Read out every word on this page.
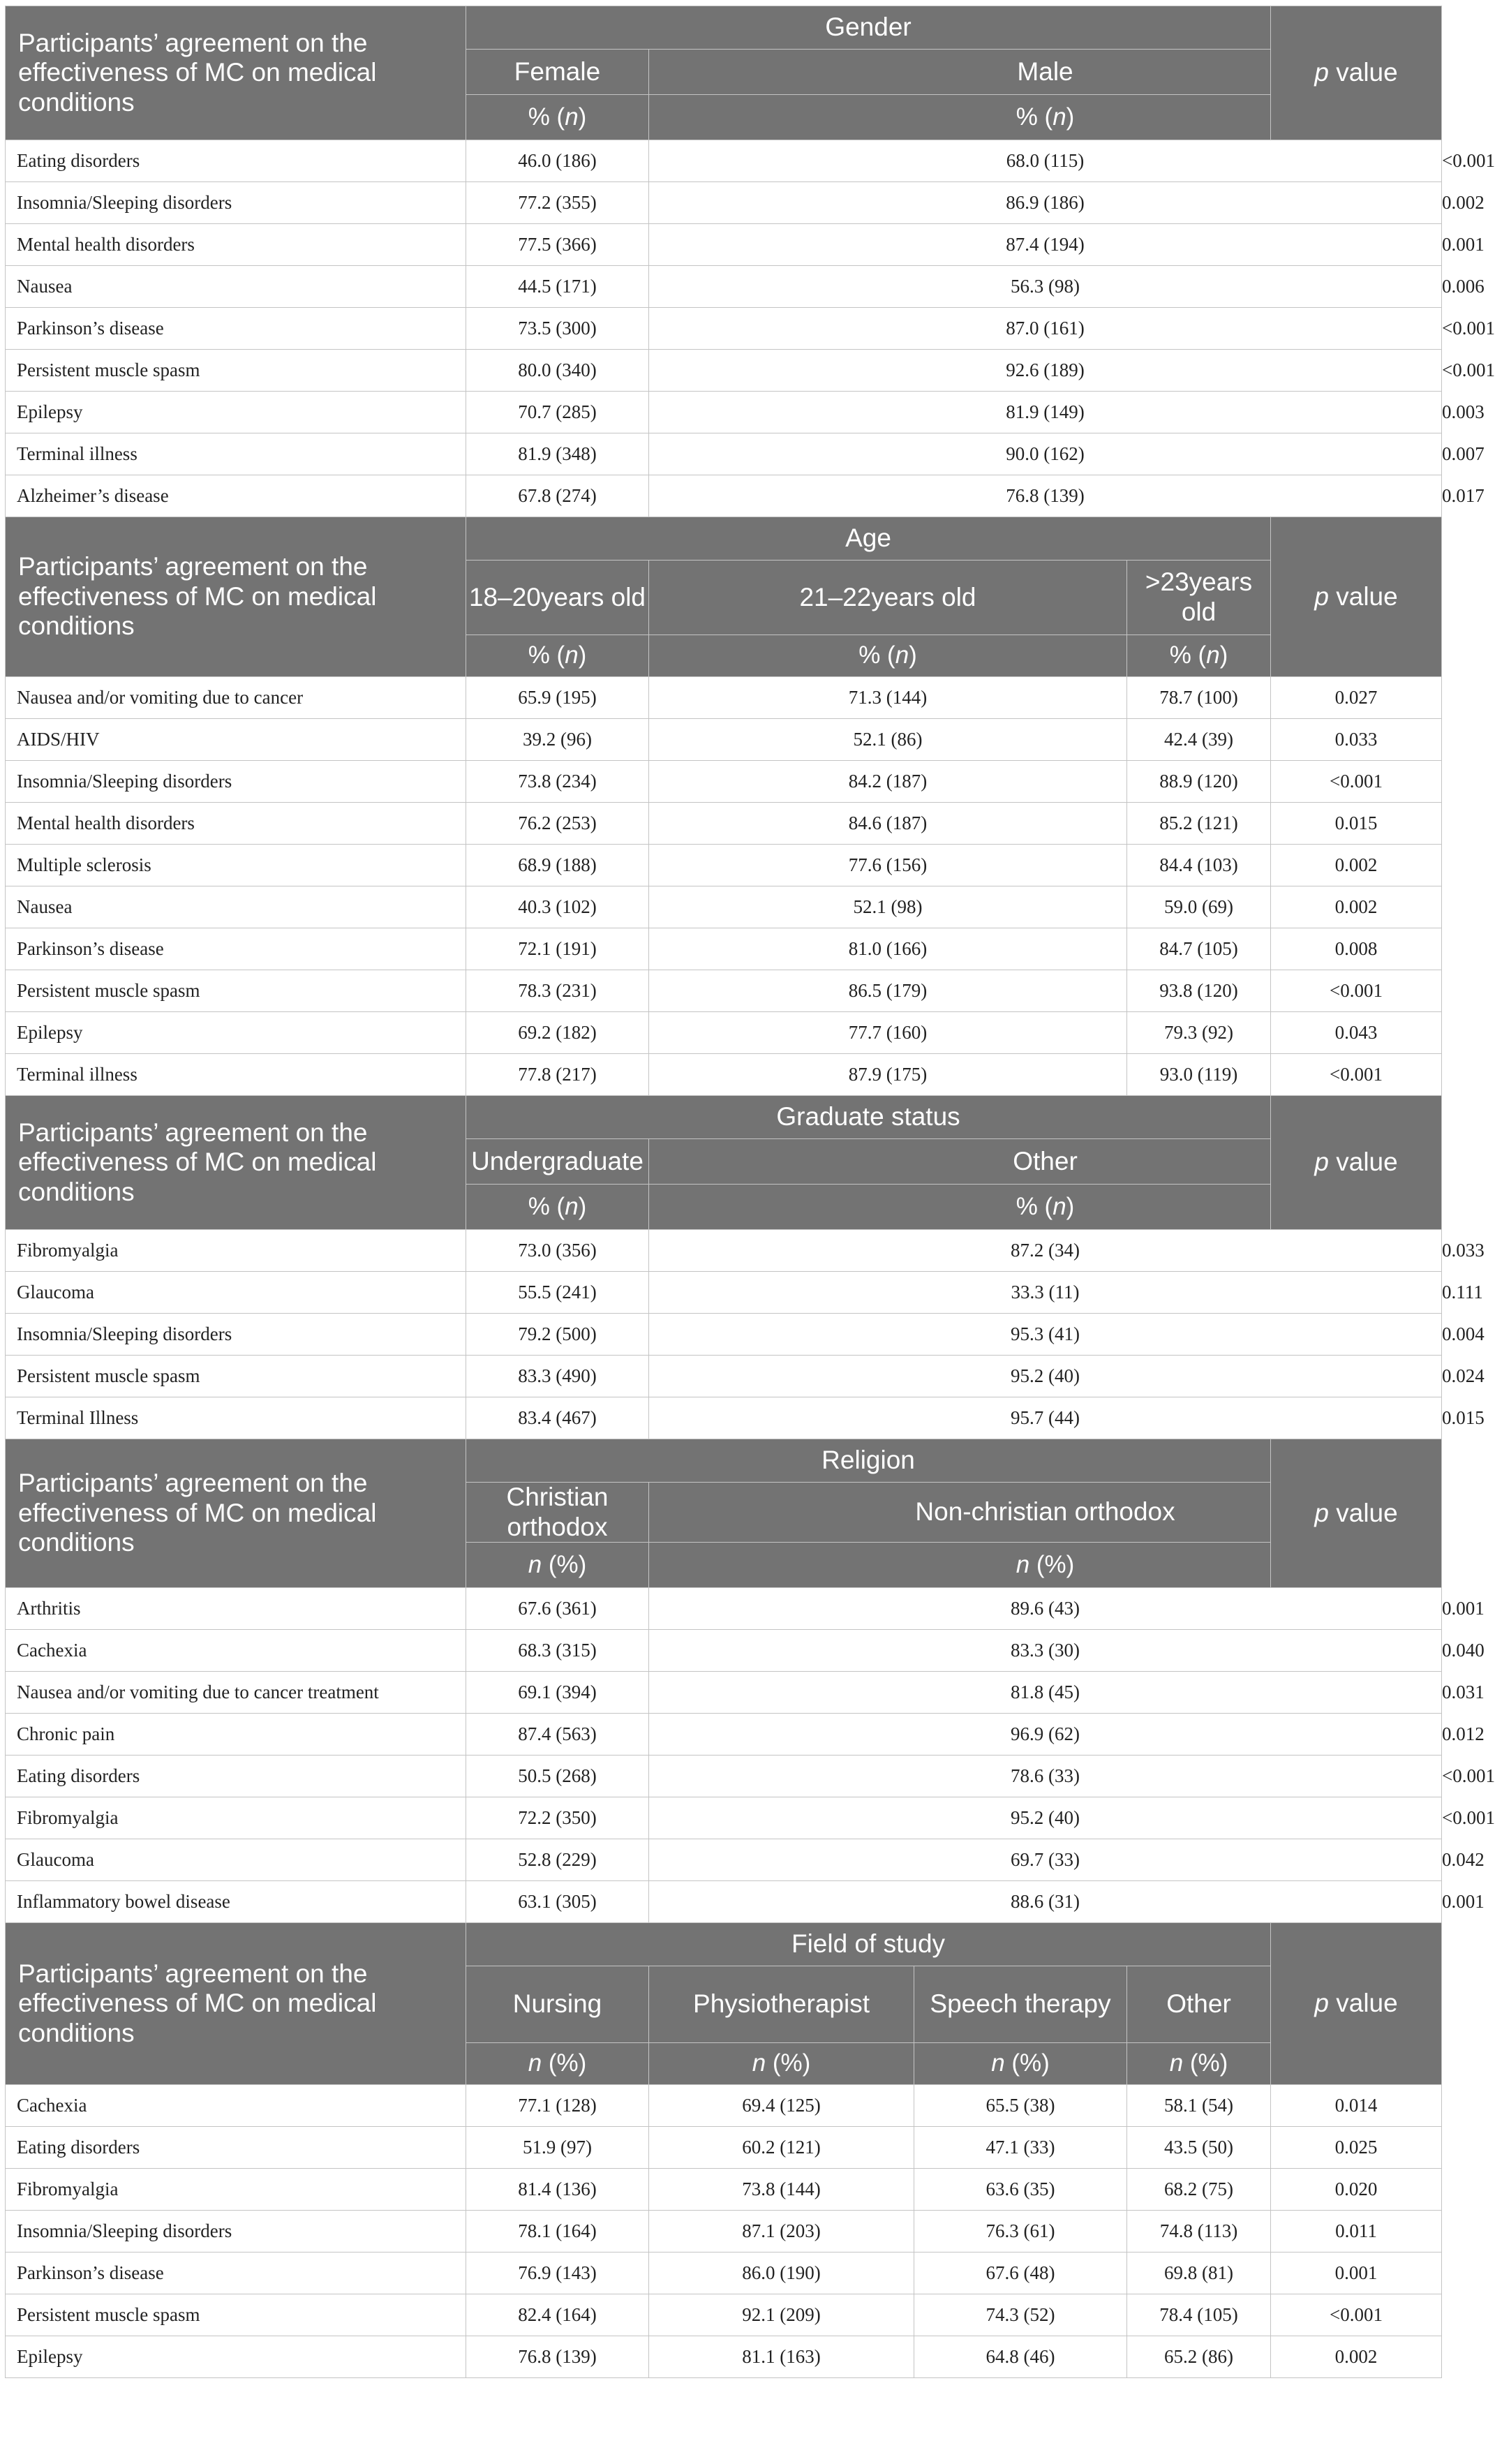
Participants’ agreement on the effectiveness of MC on medical conditions	Gender				p value	
	Female	Male				
	% (n)	% (n)				
Eating disorders	46.0 (186)	68.0 (115)				<0.001
Insomnia/Sleeping disorders	77.2 (355)	86.9 (186)				0.002
Mental health disorders	77.5 (366)	87.4 (194)				0.001
Nausea	44.5 (171)	56.3 (98)				0.006
Parkinson’s disease	73.5 (300)	87.0 (161)				<0.001
Persistent muscle spasm	80.0 (340)	92.6 (189)				<0.001
Epilepsy	70.7 (285)	81.9 (149)				0.003
Terminal illness	81.9 (348)	90.0 (162)				0.007
Alzheimer’s disease	67.8 (274)	76.8 (139)				0.017
Participants’ agreement on the effectiveness of MC on medical conditions	Age				p value	
	18–20years old	21–22years old		>23years old		
	% (n)	% (n)		% (n)		
Nausea and/or vomiting due to cancer	65.9 (195)	71.3 (144)		78.7 (100)	0.027	
AIDS/HIV	39.2 (96)	52.1 (86)		42.4 (39)	0.033	
Insomnia/Sleeping disorders	73.8 (234)	84.2 (187)		88.9 (120)	<0.001	
Mental health disorders	76.2 (253)	84.6 (187)		85.2 (121)	0.015	
Multiple sclerosis	68.9 (188)	77.6 (156)		84.4 (103)	0.002	
Nausea	40.3 (102)	52.1 (98)		59.0 (69)	0.002	
Parkinson’s disease	72.1 (191)	81.0 (166)		84.7 (105)	0.008	
Persistent muscle spasm	78.3 (231)	86.5 (179)		93.8 (120)	<0.001	
Epilepsy	69.2 (182)	77.7 (160)		79.3 (92)	0.043	
Terminal illness	77.8 (217)	87.9 (175)		93.0 (119)	<0.001	
Participants’ agreement on the effectiveness of MC on medical conditions	Graduate status				p value	
	Undergraduate	Other				
	% (n)	% (n)				
Fibromyalgia	73.0 (356)	87.2 (34)				0.033
Glaucoma	55.5 (241)	33.3 (11)				0.111
Insomnia/Sleeping disorders	79.2 (500)	95.3 (41)				0.004
Persistent muscle spasm	83.3 (490)	95.2 (40)				0.024
Terminal Illness	83.4 (467)	95.7 (44)				0.015
Participants’ agreement on the effectiveness of MC on medical conditions	Religion				p value	
	Christian orthodox	Non-christian orthodox				
	n (%)	n (%)				
Arthritis	67.6 (361)	89.6 (43)				0.001
Cachexia	68.3 (315)	83.3 (30)				0.040
Nausea and/or vomiting due to cancer treatment	69.1 (394)	81.8 (45)				0.031
Chronic pain	87.4 (563)	96.9 (62)				0.012
Eating disorders	50.5 (268)	78.6 (33)				<0.001
Fibromyalgia	72.2 (350)	95.2 (40)				<0.001
Glaucoma	52.8 (229)	69.7 (33)				0.042
Inflammatory bowel disease	63.1 (305)	88.6 (31)				0.001
Participants’ agreement on the effectiveness of MC on medical conditions	Field of study				p value	
	Nursing	Physiotherapist	Speech therapy	Other		
	n (%)	n (%)	n (%)	n (%)		
Cachexia	77.1 (128)	69.4 (125)	65.5 (38)	58.1 (54)	0.014	
Eating disorders	51.9 (97)	60.2 (121)	47.1 (33)	43.5 (50)	0.025	
Fibromyalgia	81.4 (136)	73.8 (144)	63.6 (35)	68.2 (75)	0.020	
Insomnia/Sleeping disorders	78.1 (164)	87.1 (203)	76.3 (61)	74.8 (113)	0.011	
Parkinson’s disease	76.9 (143)	86.0 (190)	67.6 (48)	69.8 (81)	0.001	
Persistent muscle spasm	82.4 (164)	92.1 (209)	74.3 (52)	78.4 (105)	<0.001	
Epilepsy	76.8 (139)	81.1 (163)	64.8 (46)	65.2 (86)	0.002	
